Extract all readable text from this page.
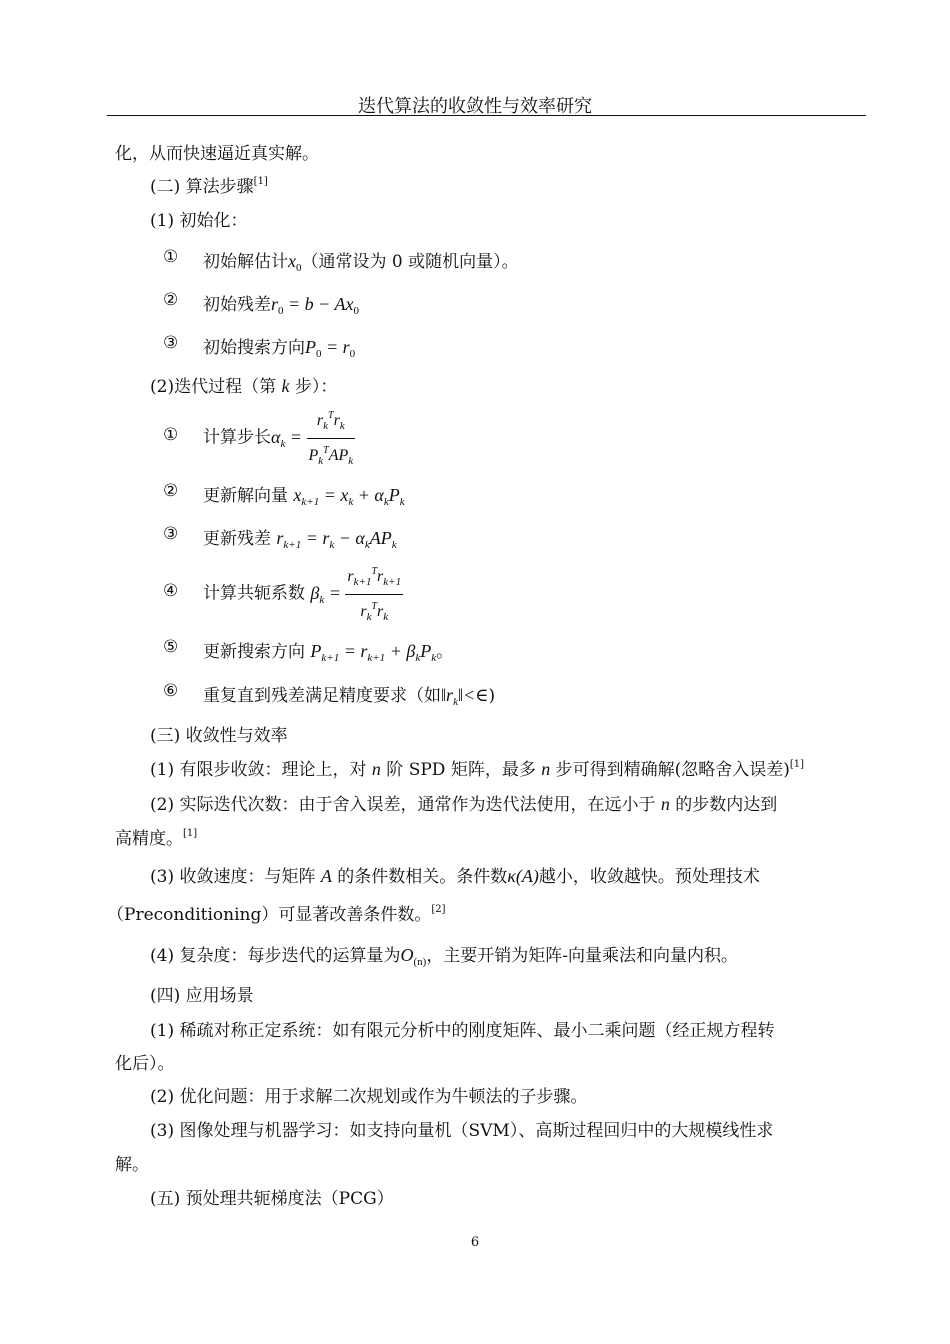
迭代算法的收敛性与效率研究
化，从而快速逼近真实解。
(二) 算法步骤[1]
(1) 初始化：
① 初始解估计$x_0$（通常设为 0 或随机向量）。
② 初始残差$r_0 = b - Ax_0$
③ 初始搜索方向$P_0 = r_0$
(2)迭代过程（第 k 步）：
① 计算步长$\alpha_k = \frac{r_k^Tr_k}{P_k^TAP_k}$
② 更新解向量 $x_{k+1} = x_k + \alpha_kP_k$
③ 更新残差 $r_{k+1} = r_k - \alpha_kAP_k$
④ 计算共轭系数 $\beta_k = \frac{r_{k+1}^Tr_{k+1}}{r_k^Tr_k}$
⑤ 更新搜索方向 $P_{k+1} = r_{k+1} + \beta_kP_k$。
⑥ 重复直到残差满足精度要求（如$‖r_k‖<\in$)
(三) 收敛性与效率
(1) 有限步收敛：理论上，对 n 阶 SPD 矩阵，最多 n 步可得到精确解(忽略舍入误差)[1]
(2) 实际迭代次数：由于舍入误差，通常作为迭代法使用，在远小于 n 的步数内达到
高精度。[1]
(3) 收敛速度：与矩阵 A 的条件数相关。条件数κ(A)越小，收敛越快。预处理技术
（Preconditioning）可显著改善条件数。[2]
(4) 复杂度：每步迭代的运算量为$O_{(n)}$，主要开销为矩阵-向量乘法和向量内积。
(四) 应用场景
(1) 稀疏对称正定系统：如有限元分析中的刚度矩阵、最小二乘问题（经正规方程转
化后）。
(2) 优化问题：用于求解二次规划或作为牛顿法的子步骤。
(3) 图像处理与机器学习：如支持向量机（SVM）、高斯过程回归中的大规模线性求
解。
(五) 预处理共轭梯度法（PCG）
6
